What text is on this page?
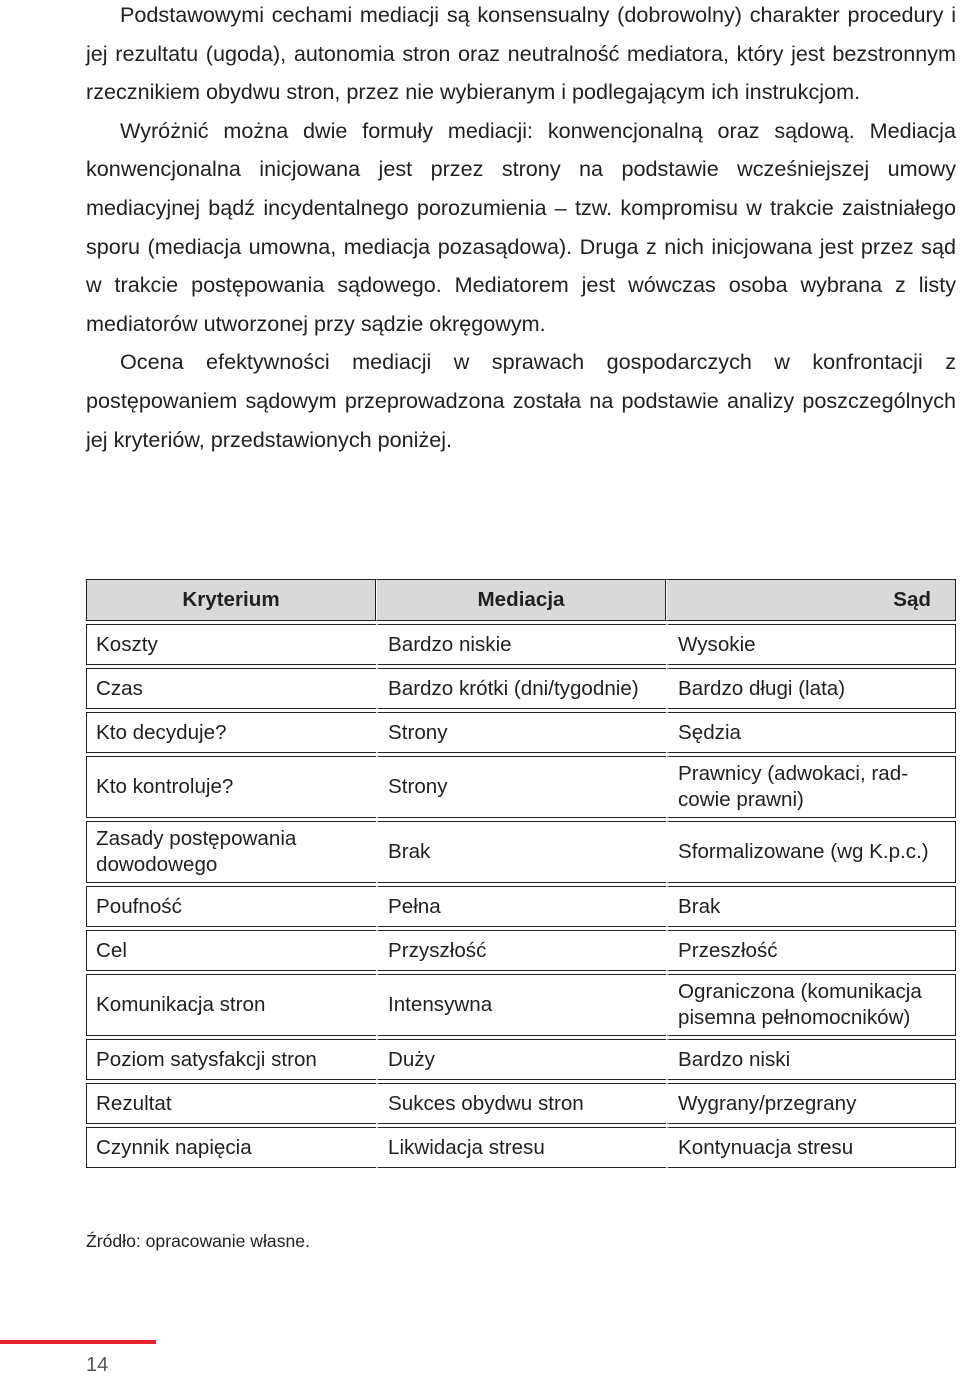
Podstawowymi cechami mediacji są konsensualny (dobrowolny) charakter procedury i jej rezultatu (ugoda), autonomia stron oraz neutralność mediatora, który jest bezstronnym rzecznikiem obydwu stron, przez nie wybieranym i podlegającym ich instrukcjom.

Wyróżnić można dwie formuły mediacji: konwencjonalną oraz sądową. Mediacja konwencjonalna inicjowana jest przez strony na podstawie wcześniejszej umowy mediacyjnej bądź incydentalnego porozumienia – tzw. kompromisu w trakcie zaistniałego sporu (mediacja umowna, mediacja pozasądowa). Druga z nich inicjowana jest przez sąd w trakcie postępowania sądowego. Mediatorem jest wówczas osoba wybrana z listy mediatorów utworzonej przy sądzie okręgowym.

Ocena efektywności mediacji w sprawach gospodarczych w konfrontacji z postępowaniem sądowym przeprowadzona została na podstawie analizy poszczególnych jej kryteriów, przedstawionych poniżej.

Kryterium	Mediacja	Sąd
Koszty	Bardzo niskie	Wysokie
Czas	Bardzo krótki (dni/tygodnie)	Bardzo długi (lata)
Kto decyduje?	Strony	Sędzia
Kto kontroluje?	Strony	Prawnicy (adwokaci, radcowie prawni)
Zasady postępowania dowodowego	Brak	Sformalizowane (wg K.p.c.)
Poufność	Pełna	Brak
Cel	Przyszłość	Przeszłość
Komunikacja stron	Intensywna	Ograniczona (komunikacja pisemna pełnomocników)
Poziom satysfakcji stron	Duży	Bardzo niski
Rezultat	Sukces obydwu stron	Wygrany/przegrany
Czynnik napięcia	Likwidacja stresu	Kontynuacja stresu

Źródło: opracowanie własne.

14
